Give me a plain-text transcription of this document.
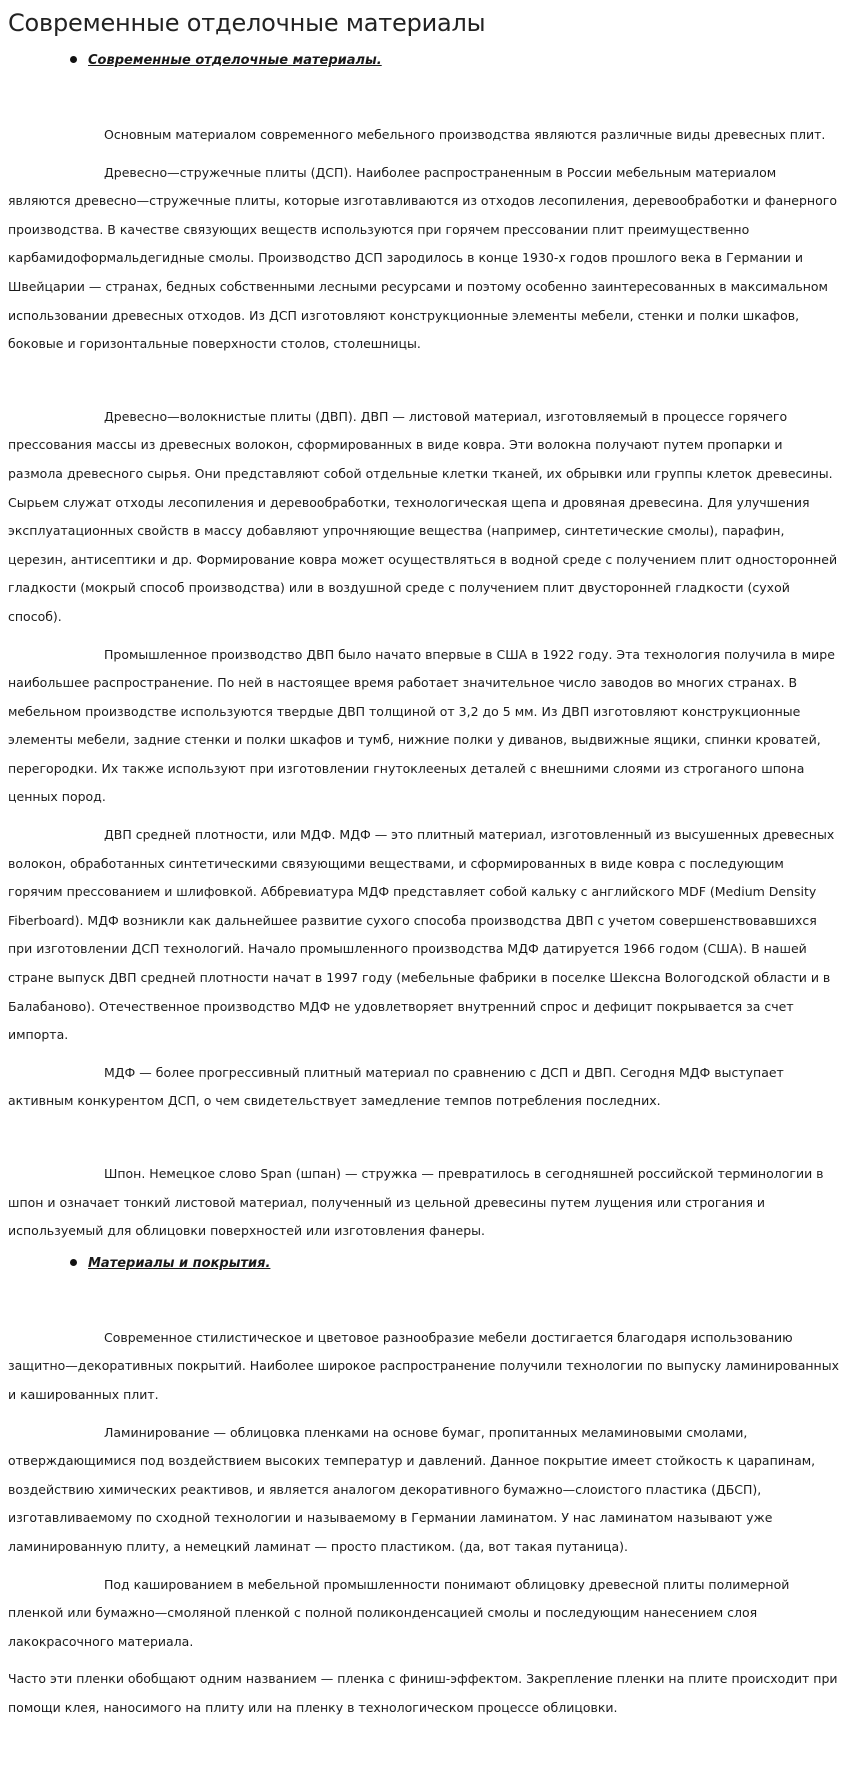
Современные отделочные материалы
Современные отделочные материалы.

Основным материалом современного мебельного производства являются различные виды древесных плит.

Древесно—стружечные плиты (ДСП). Наиболее распространенным в России мебельным материалом являются древесно—стружечные плиты, которые изготавливаются из отходов лесопиления, деревообработки и фанерного производства. В качестве связующих веществ используются при горячем прессовании плит преимущественно карбамидоформальдегидные смолы. Производство ДСП зародилось в конце 1930-х годов прошлого века в Германии и Швейцарии — странах, бедных собственными лесными ресурсами и поэтому особенно заинтересованных в максимальном использовании древесных отходов. Из ДСП изготовляют конструкционные элементы мебели, стенки и полки шкафов, боковые и горизонтальные поверхности столов, столешницы.

Древесно—волокнистые плиты (ДВП). ДВП — листовой материал, изготовляемый в процессе горячего прессования массы из древесных волокон, сформированных в виде ковра. Эти волокна получают путем пропарки и размола древесного сырья. Они представляют собой отдельные клетки тканей, их обрывки или группы клеток древесины. Сырьем служат отходы лесопиления и деревообработки, технологическая щепа и дровяная древесина. Для улучшения эксплуатационных свойств в массу добавляют упрочняющие вещества (например, синтетические смолы), парафин, церезин, антисептики и др. Формирование ковра может осуществляться в водной среде с получением плит односторонней гладкости (мокрый способ производства) или в воздушной среде с получением плит двусторонней гладкости (сухой способ).

Промышленное производство ДВП было начато впервые в США в 1922 году. Эта технология получила в мире наибольшее распространение. По ней в настоящее время работает значительное число заводов во многих странах. В мебельном производстве используются твердые ДВП толщиной от 3,2 до 5 мм. Из ДВП изготовляют конструкционные элементы мебели, задние стенки и полки шкафов и тумб, нижние полки у диванов, выдвижные ящики, спинки кроватей, перегородки. Их также используют при изготовлении гнутоклееных деталей с внешними слоями из строганого шпона ценных пород.

ДВП средней плотности, или МДФ. МДФ — это плитный материал, изготовленный из высушенных древесных волокон, обработанных синтетическими связующими веществами, и сформированных в виде ковра с последующим горячим прессованием и шлифовкой. Аббревиатура МДФ представляет собой кальку с английского MDF (Medium Density Fiberboard). МДФ возникли как дальнейшее развитие сухого способа производства ДВП с учетом совершенствовавшихся при изготовлении ДСП технологий. Начало промышленного производства МДФ датируется 1966 годом (США). В нашей стране выпуск ДВП средней плотности начат в 1997 году (мебельные фабрики в поселке Шексна Вологодской области и в Балабаново). Отечественное производство МДФ не удовлетворяет внутренний спрос и дефицит покрывается за счет импорта.

МДФ — более прогрессивный плитный материал по сравнению с ДСП и ДВП. Сегодня МДФ выступает активным конкурентом ДСП, о чем свидетельствует замедление темпов потребления последних.

Шпон. Немецкое слово Span (шпан) — стружка — превратилось в сегодняшней российской терминологии в шпон и означает тонкий листовой материал, полученный из цельной древесины путем лущения или строгания и используемый для облицовки поверхностей или изготовления фанеры.

Материалы и покрытия.

Современное стилистическое и цветовое разнообразие мебели достигается благодаря использованию защитно—декоративных покрытий. Наиболее широкое распространение получили технологии по выпуску ламинированных и кашированных плит.

Ламинирование — облицовка пленками на основе бумаг, пропитанных меламиновыми смолами, отверждающимися под воздействием высоких температур и давлений. Данное покрытие имеет стойкость к царапинам, воздействию химических реактивов, и является аналогом декоративного бумажно—слоистого пластика (ДБСП), изготавливаемому по сходной технологии и называемому в Германии ламинатом. У нас ламинатом называют уже ламинированную плиту, а немецкий ламинат — просто пластиком. (да, вот такая путаница).

Под кашированием в мебельной промышленности понимают облицовку древесной плиты полимерной пленкой или бумажно—смоляной пленкой с полной поликонденсацией смолы и последующим нанесением слоя лакокрасочного материала.

Часто эти пленки обобщают одним названием — пленка с финиш-эффектом. Закрепление пленки на плите происходит при помощи клея, наносимого на плиту или на пленку в технологическом процессе облицовки.
